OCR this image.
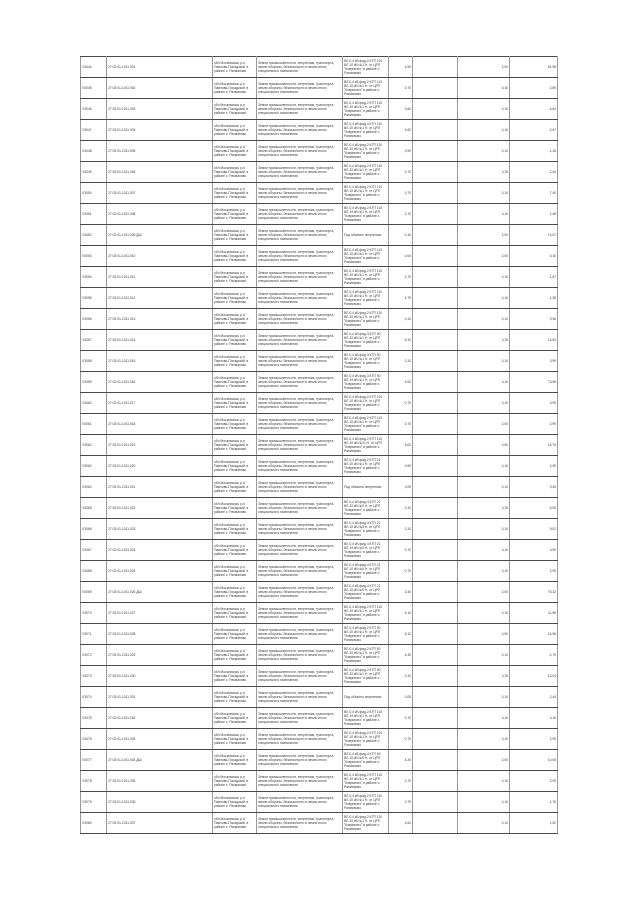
V3044	27:02:01-1011.001	обл Московская, р-н Павлово-Посадский, в районе с. Рахманово	Земли промышленности, энергетики, транспорта, земли обороны, безопасности и земли иного специального назначения	ВЛ-0,4 кВ фид.2 КТП 110 ВЛ-10 кВ №1 Н. от ЦРП "Ковригино" в районе с. Рахманово	4,50		2,00	51,98
V3045	27:02:01-1011.002	обл Московская, р-н Павлово-Посадский, в районе с. Рахманово	Земли промышленности, энергетики, транспорта, земли обороны, безопасности и земли иного специального назначения	ВЛ-0,4 кВ фид.2 КТП 110 ВЛ-10 кВ №1 Н. от ЦРП "Ковригино" в районе с. Рахманово	0,70		0,10	2,69
V3046	27:02:01-1011.003	обл Московская, р-н Павлово-Посадский, в районе с. Рахманово	Земли промышленности, энергетики, транспорта, земли обороны, безопасности и земли иного специального назначения	ВЛ-0,4 кВ фид.2 КТП 110 ВЛ-10 кВ №1 Н. от ЦРП "Ковригино" в районе с. Рахманово	0,60		0,10	-4,64
V3047	27:02:01-1011.004	обл Московская, р-н Павлово-Посадский, в районе с. Рахманово	Земли промышленности, энергетики, транспорта, земли обороны, безопасности и земли иного специального назначения	ВЛ-0,4 кВ фид.4 КТП 110 ВЛ-10 кВ №1 Н. от ЦРП "Ковригино" в районе с. Рахманово	4,60		0,10	-2,67
V3048	27:02:01-1011.005	обл Московская, р-н Павлово-Посадский, в районе с. Рахманово	Земли промышленности, энергетики, транспорта, земли обороны, безопасности и земли иного специального назначения	ВЛ-0,4 кВ фид.2 КТП 110 ВЛ-10 кВ №1 Н. от ЦРП "Ковригино" в районе с. Рахманово	0,90		0,10	-1,15
V3049	27:02:01-1011.006	обл Московская, р-н Павлово-Посадский, в районе с. Рахманово	Земли промышленности, энергетики, транспорта, земли обороны, безопасности и земли иного специального назначения	ВЛ-0,4 кВ фид.2 КТП 110 ВЛ-10 кВ №1 Н. от ЦРП "Ковригино" в районе с. Рахманово	0,70		0,10	2,44
V3050	27:02:01-1011.007	обл Московская, р-н Павлово-Посадский, в районе с. Рахманово	Земли промышленности, энергетики, транспорта, земли обороны, безопасности и земли иного специального назначения	ВЛ-0,4 кВ фид.2 КТП 110 ВЛ-10 кВ №1 Н. от ЦРП "Ковригино" в районе с. Рахманово	0,70		0,10	7,40
V3051	27:02:01-1011.008	обл Московская, р-н Павлово-Посадский, в районе с. Рахманово	Земли промышленности, энергетики, транспорта, земли обороны, безопасности и земли иного специального назначения	ВЛ-0,4 кВ фид.2 КТП 110 ВЛ-10 кВ №1 Н. от ЦРП "Ковригино" в районе с. Рахманово	2,70		0,10	1,48
V3052	27:02:01-1011.009 ДШ	обл Московская, р-н Павлово-Посадский, в районе с. Рахманово	Земли промышленности, энергетики, транспорта, земли обороны, безопасности и земли иного специального назначения	Под объекты энергетики	0,10		2,00	74,07
V3053	27:02:01-1011.010	обл Московская, р-н Павлово-Посадский, в районе с. Рахманово	Земли промышленности, энергетики, транспорта, земли обороны, безопасности и земли иного специального назначения	ВЛ-0,4 кВ фид.2 КТП 110 ВЛ-10 кВ №1 Н. от ЦРП "Ковригино" в районе с. Рахманово	0,00		2,00	0,10
V3054	27:02:01-1011.011	обл Московская, р-н Павлово-Посадский, в районе с. Рахманово	Земли промышленности, энергетики, транспорта, земли обороны, безопасности и земли иного специального назначения	ВЛ-0,4 кВ фид.2 КТП 110 ВЛ-10 кВ №1 Н. от ЦРП "Ковригино" в районе с. Рахманово	4,70		0,10	-1,67
V3055	27:02:01-1011.012	обл Московская, р-н Павлово-Посадский, в районе с. Рахманово	Земли промышленности, энергетики, транспорта, земли обороны, безопасности и земли иного специального назначения	ВЛ-0,4 кВ фид.2 КТП 110 ВЛ-10 кВ №1 Н. от ЦРП "Ковригино" в районе с. Рахманово	4,70		0,10	-1,38
V3056	27:02:01-1011.013	обл Московская, р-н Павлово-Посадский, в районе с. Рахманово	Земли промышленности, энергетики, транспорта, земли обороны, безопасности и земли иного специального назначения	ВЛ-0,4 кВ фид.2 КТП 110 ВЛ-10 кВ №1 Н. от ЦРП "Ковригино" в районе с. Рахманово	0,10		0,10	9,36
V3057	27:02:01-1011.014	обл Московская, р-н Павлово-Посадский, в районе с. Рахманово	Земли промышленности, энергетики, транспорта, земли обороны, безопасности и земли иного специального назначения	ВЛ-0,4 кВ фид.3 КТП 50 ВЛ-10 кВ №1 Н. от ЦРП "Ковригино" в районе с. Рахманово	5,10		0,10	14,54
V3058	27:02:01-1011.015	обл Московская, р-н Павлово-Посадский, в районе с. Рахманово	Земли промышленности, энергетики, транспорта, земли обороны, безопасности и земли иного специального назначения	ВЛ-0,4 кВ фид.3 КТП 50 ВЛ-10 кВ №1 Н. от ЦРП "Ковригино" в районе с. Рахманово	0,10		0,10	3,99
V3059	27:02:01-1011.016	обл Московская, р-н Павлово-Посадский, в районе с. Рахманово	Земли промышленности, энергетики, транспорта, земли обороны, безопасности и земли иного специального назначения	ВЛ-0,4 кВ фид.3 КТП 50 ВЛ-10 кВ №1 Н. от ЦРП "Ковригино" в районе с. Рахманово	4,00		0,10	73,98
V3060	27:02:01-1011.017	обл Московская, р-н Павлово-Посадский, в районе с. Рахманово	Земли промышленности, энергетики, транспорта, земли обороны, безопасности и земли иного специального назначения	ВЛ-0,4 кВ фид.2 КТП 110 ВЛ-10 кВ №1 Н. от ЦРП "Ковригино" в районе с. Рахманово	0,70		0,10	3,99
V3061	27:02:01-1011.018	обл Московская, р-н Павлово-Посадский, в районе с. Рахманово	Земли промышленности, энергетики, транспорта, земли обороны, безопасности и земли иного специального назначения	ВЛ-0,4 кВ фид.2 КТП 110 ВЛ-10 кВ №1 Н. от ЦРП "Ковригино" в районе с. Рахманово	0,70		2,00	2,99
V3062	27:02:01-1011.019	обл Московская, р-н Павлово-Посадский, в районе с. Рахманово	Земли промышленности, энергетики, транспорта, земли обороны, безопасности и земли иного специального назначения	ВЛ-0,4 кВ фид.2 КТП 110 ВЛ-10 кВ №21 Н. от ЦРП "Ковригино" в районе с. Рахманово	5,00		0,50	15,75
V3063	27:02:01-1011.020	обл Московская, р-н Павлово-Посадский, в районе с. Рахманово	Земли промышленности, энергетики, транспорта, земли обороны, безопасности и земли иного специального назначения	ВЛ-0,4 кВ фид.2 КТП 21 ВЛ-10 кВ №1 Н. от ЦРП "Ковригино" в районе с. Рахманово	0,90		0,10	2,09
V3064	27:02:01-1011.021	обл Московская, р-н Павлово-Посадский, в районе с. Рахманово	Земли промышленности, энергетики, транспорта, земли обороны, безопасности и земли иного специального назначения	Под объекты энергетики	0,05		0,10	9,45
V3065	27:02:01-1011.022	обл Московская, р-н Павлово-Посадский, в районе с. Рахманово	Земли промышленности, энергетики, транспорта, земли обороны, безопасности и земли иного специального назначения	ВЛ-0,4 кВ фид.4 КТП 21 ВЛ-10 кВ №5 Н. от ЦРП "Ковригино" в районе с. Рахманово	0,10		0,10	5,05
V3066	27:02:01-1011.023	обл Московская, р-н Павлово-Посадский, в районе с. Рахманово	Земли промышленности, энергетики, транспорта, земли обороны, безопасности и земли иного специального назначения	ВЛ-0,4 кВ фид.4 КТП 21 ВЛ-10 кВ №5 Н. от ЦРП "Ковригино" в районе с. Рахманово	0,10		0,10	9,02
V3067	27:02:01-1011.024	обл Московская, р-н Павлово-Посадский, в районе с. Рахманово	Земли промышленности, энергетики, транспорта, земли обороны, безопасности и земли иного специального назначения	ВЛ-0,4 кВ фид.4 КТП 21 ВЛ-10 кВ №5 Н. от ЦРП "Ковригино" в районе с. Рахманово	0,70		0,10	0,90
V3068	27:02:01-1011.025	обл Московская, р-н Павлово-Посадский, в районе с. Рахманово	Земли промышленности, энергетики, транспорта, земли обороны, безопасности и земли иного специального назначения	ВЛ-0,4 кВ фид.4 КТП 21 ВЛ-10 кВ №5 Н. от ЦРП "Ковригино" в районе с. Рахманово	0,70		0,10	2,99
V3069	27:02:01-1011.026 ДШ	обл Московская, р-н Павлово-Посадский, в районе с. Рахманово	Земли промышленности, энергетики, транспорта, земли обороны, безопасности и земли иного специального назначения	ВЛ-0,4 кВ фид.4 КТП 21 ВЛ-10 кВ №5 Н. от ЦРП "Ковригино" в районе с. Рахманово	3,40		2,00	75,32
V3070	27:02:01-1011.027	обл Московская, р-н Павлово-Посадский, в районе с. Рахманово	Земли промышленности, энергетики, транспорта, земли обороны, безопасности и земли иного специального назначения	ВЛ-0,4 кВ фид.2 КТП 110 ВЛ-10 кВ №1 Н. от ЦРП "Ковригино" в районе с. Рахманово	4,10		0,10	11,98
V3071	27:02:01-1011.028	обл Московская, р-н Павлово-Посадский, в районе с. Рахманово	Земли промышленности, энергетики, транспорта, земли обороны, безопасности и земли иного специального назначения	ВЛ-0,4 кВ фид.2 КТП 50 ВЛ-10 кВ №1 Н. от ЦРП "Ковригино" в районе с. Рахманово	5,10		0,50	14,96
V3072	27:02:01-1011.029	обл Московская, р-н Павлово-Посадский, в районе с. Рахманово	Земли промышленности, энергетики, транспорта, земли обороны, безопасности и земли иного специального назначения	ВЛ-0,4 кВ фид.2 КТП 50 ВЛ-10 кВ №1 Н. от ЦРП "Ковригино" в районе с. Рахманово	4,40		0,10	-2,79
V3073	27:02:01-1011.030	обл Московская, р-н Павлово-Посадский, в районе с. Рахманово	Земли промышленности, энергетики, транспорта, земли обороны, безопасности и земли иного специального назначения	ВЛ-0,4 кВ фид.2 КТП 50 ВЛ-10 кВ №1 Н. от ЦРП "Ковригино" в районе с. Рахманово	0,10		0,10	12,04
V3074	27:02:01-1011.031	обл Московская, р-н Павлово-Посадский, в районе с. Рахманово	Земли промышленности, энергетики, транспорта, земли обороны, безопасности и земли иного специального назначения	Под объекты энергетики	0,05		0,10	2,44
V3075	27:02:01-1011.032	обл Московская, р-н Павлово-Посадский, в районе с. Рахманово	Земли промышленности, энергетики, транспорта, земли обороны, безопасности и земли иного специального назначения	ВЛ-0,4 кВ фид.2 КТП 110 ВЛ-10 кВ №1 Н. от ЦРП "Ковригино" в районе с. Рахманово	0,70		0,10	0,16
V3076	27:02:01-1011.033	обл Московская, р-н Павлово-Посадский, в районе с. Рахманово	Земли промышленности, энергетики, транспорта, земли обороны, безопасности и земли иного специального назначения	ВЛ-0,4 кВ фид.2 КТП 110 ВЛ-10 кВ №1 Н. от ЦРП "Ковригино" в районе с. Рахманово	0,70		0,10	2,99
V3077	27:02:01-1011.034 ДШ	обл Московская, р-н Павлово-Посадский, в районе с. Рахманово	Земли промышленности, энергетики, транспорта, земли обороны, безопасности и земли иного специального назначения	ВЛ-0,4 кВ фид.4 КТП 69 ВЛ-10 кВ №5 Н. от ЦРП "Ковригино" в районе с. Рахманово	4,20		2,00	10,05
V3078	27:02:01-1011.035	обл Московская, р-н Павлово-Посадский, в районе с. Рахманово	Земли промышленности, энергетики, транспорта, земли обороны, безопасности и земли иного специального назначения	ВЛ-0,4 кВ фид.2 КТП 110 ВЛ-10 кВ №1 Н. от ЦРП "Ковригино" в районе с. Рахманово	0,70		0,10	2,09
V3079	27:02:01-1011.036	обл Московская, р-н Павлово-Посадский, в районе с. Рахманово	Земли промышленности, энергетики, транспорта, земли обороны, безопасности и земли иного специального назначения	ВЛ-0,4 кВ фид.2 КТП 110 ВЛ-10 кВ №1 Н. от ЦРП "Ковригино" в районе с. Рахманово	0,70		0,10	-1,75
V3080	27:02:01-1011.037	обл Московская, р-н Павлово-Посадский, в районе с. Рахманово	Земли промышленности, энергетики, транспорта, земли обороны, безопасности и земли иного специального назначения	ВЛ-0,4 кВ фид.2 КТП 110 ВЛ-10 кВ №1 Н. от ЦРП "Ковригино" в районе с. Рахманово	4,60		0,10	1,52
